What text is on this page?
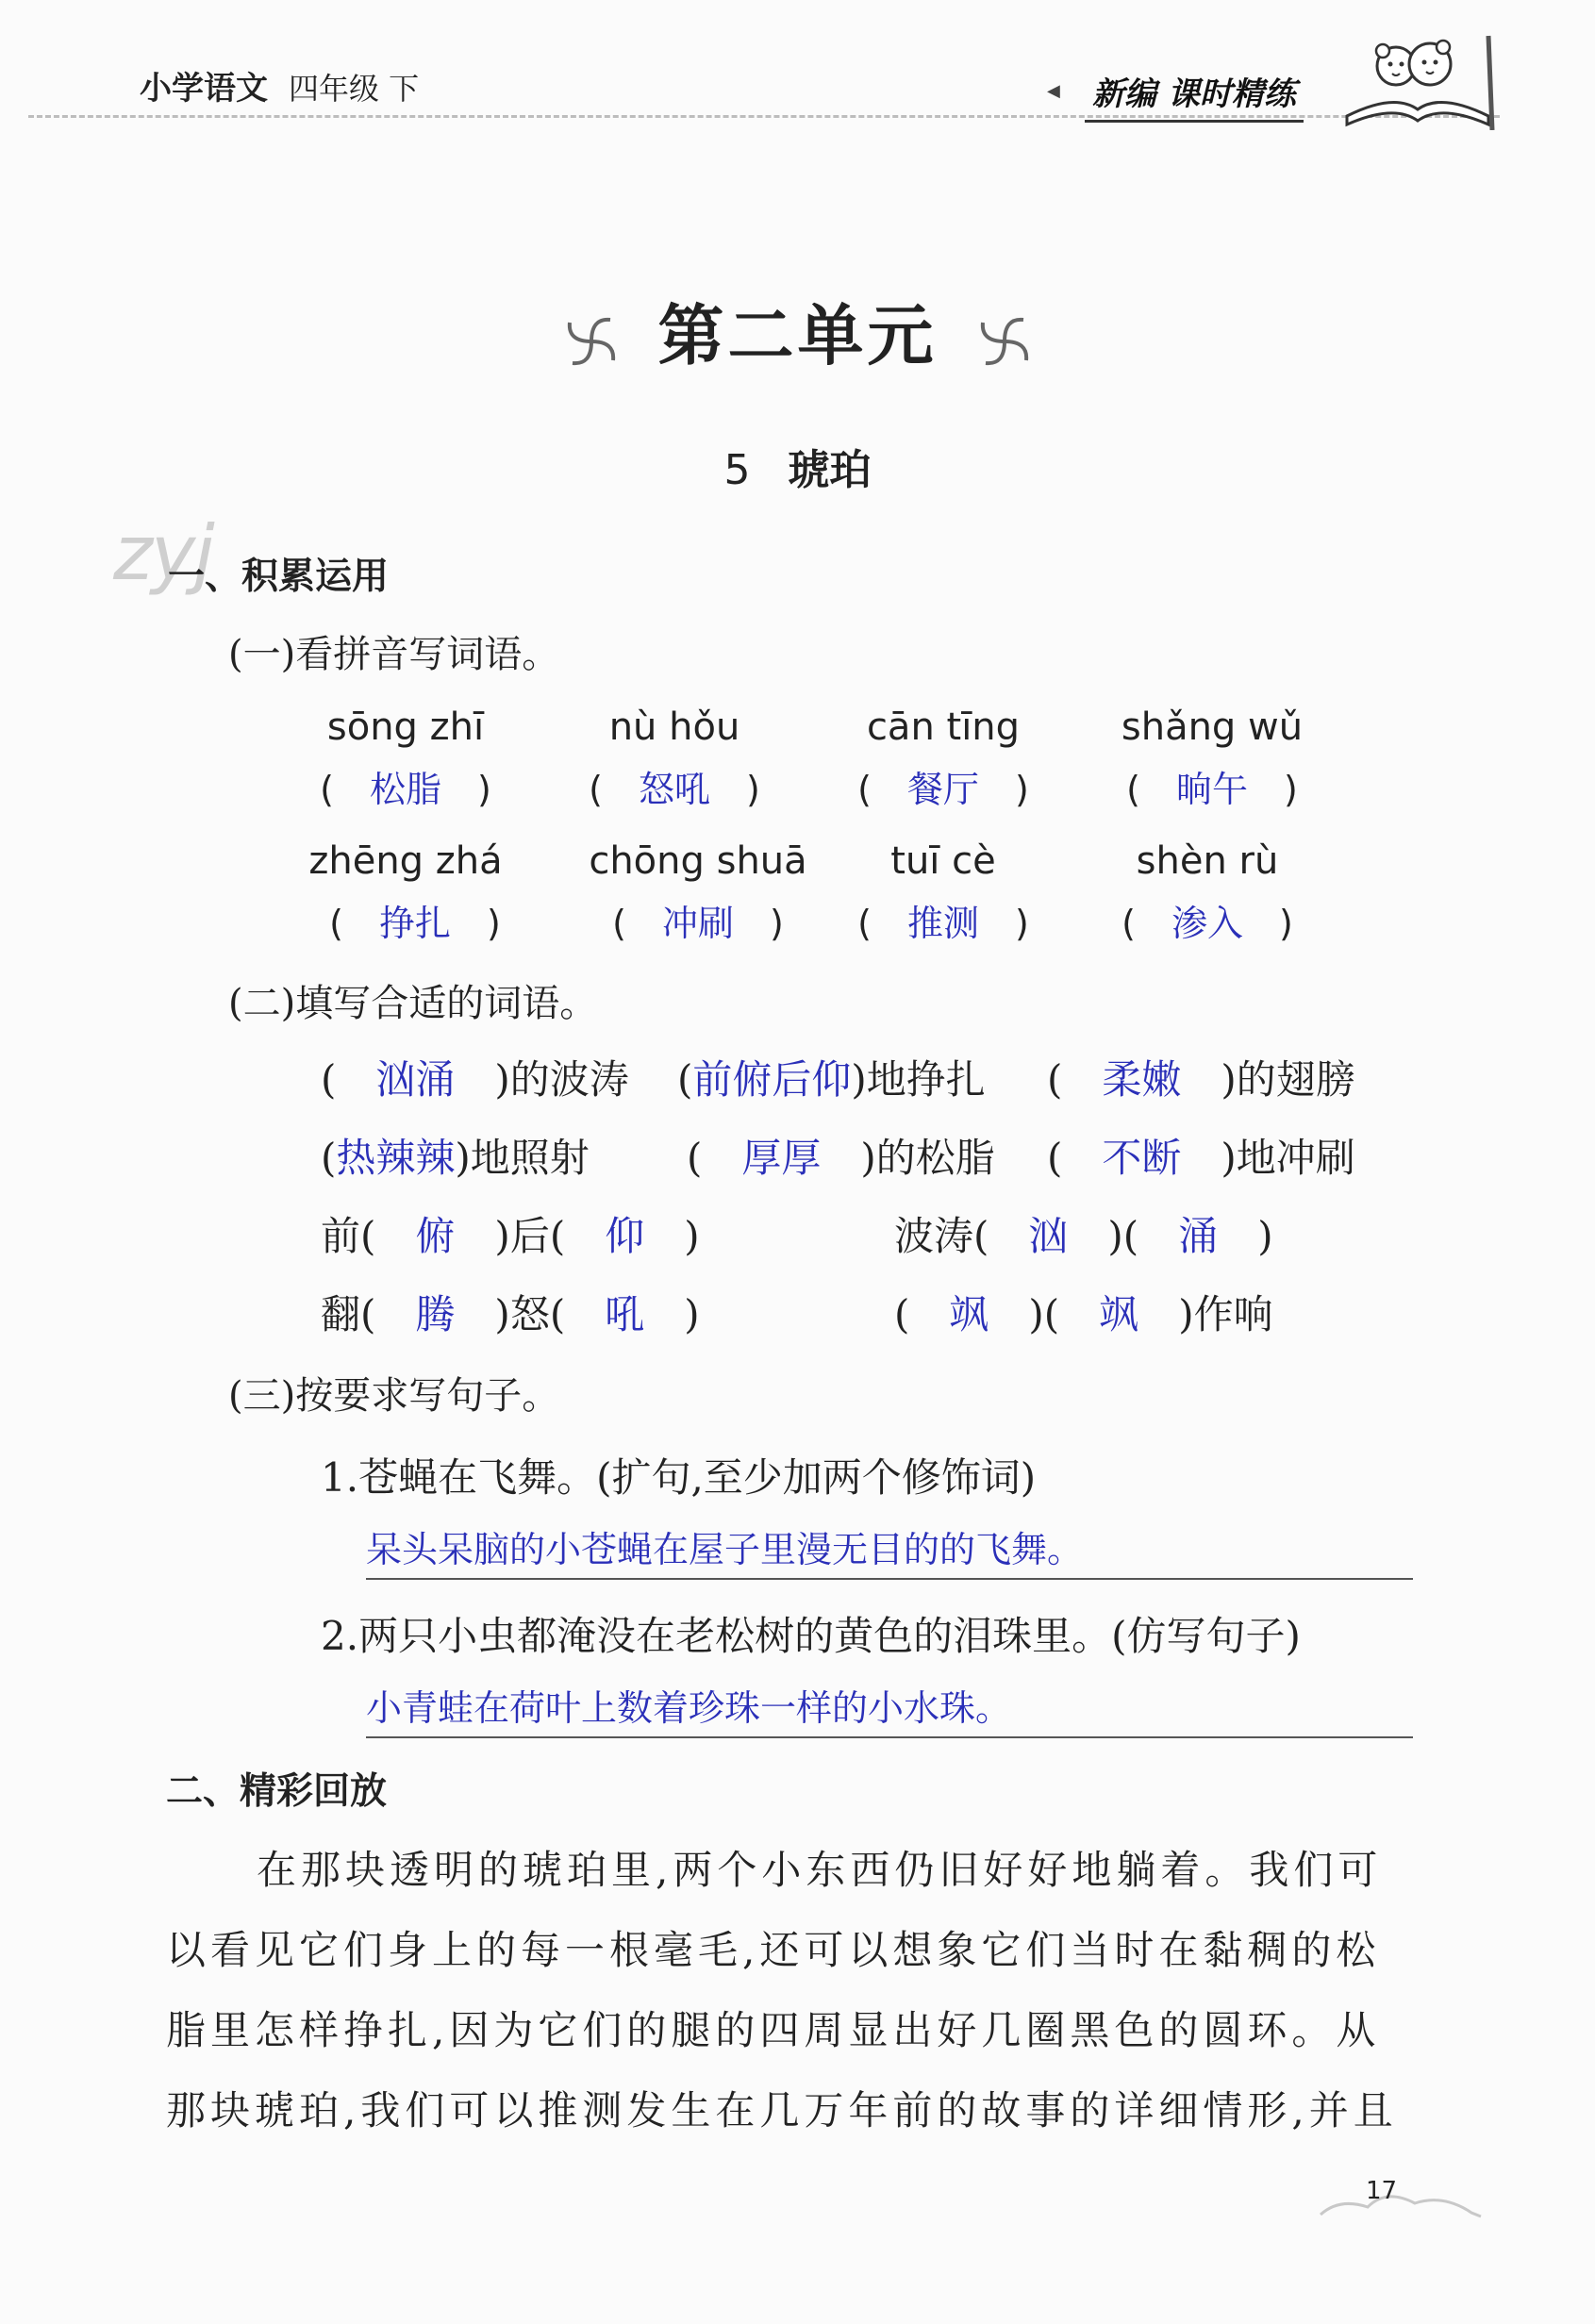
小学语文 四年级 下	◀ 新编 课时精练
第二单元
5 琥珀
zyj
一、积累运用
(一)看拼音写词语。
sōng zhī	nù hǒu	cān tīng	shǎng wǔ
(　 松脂　 )	(　 怒吼　 )	(　 餐厅　 )	(　 晌午　 )
zhēng zhá	chōng shuā	tuī cè	shèn rù
(　 挣扎　 )	(　 冲刷　 )	(　 推测　 )	(　 渗入　 )
(二)填写合适的词语。
(　汹涌　)的波涛 (前俯后仰)地挣扎 (　柔嫩　)的翅膀
(热辣辣)地照射 (　厚厚　)的松脂 (　不断　)地冲刷
前(　俯　)后(　仰　)	波涛(　汹　)(　涌　)
翻(　腾　)怒(　吼　)	(　飒　)(　飒　)作响
(三)按要求写句子。
1.苍蝇在飞舞。(扩句,至少加两个修饰词)
呆头呆脑的小苍蝇在屋子里漫无目的的飞舞。
2.两只小虫都淹没在老松树的黄色的泪珠里。(仿写句子)
小青蛙在荷叶上数着珍珠一样的小水珠。
二、精彩回放
在那块透明的琥珀里,两个小东西仍旧好好地躺着。我们可
以看见它们身上的每一根毫毛,还可以想象它们当时在黏稠的松
脂里怎样挣扎,因为它们的腿的四周显出好几圈黑色的圆环。从
那块琥珀,我们可以推测发生在几万年前的故事的详细情形,并且
17
